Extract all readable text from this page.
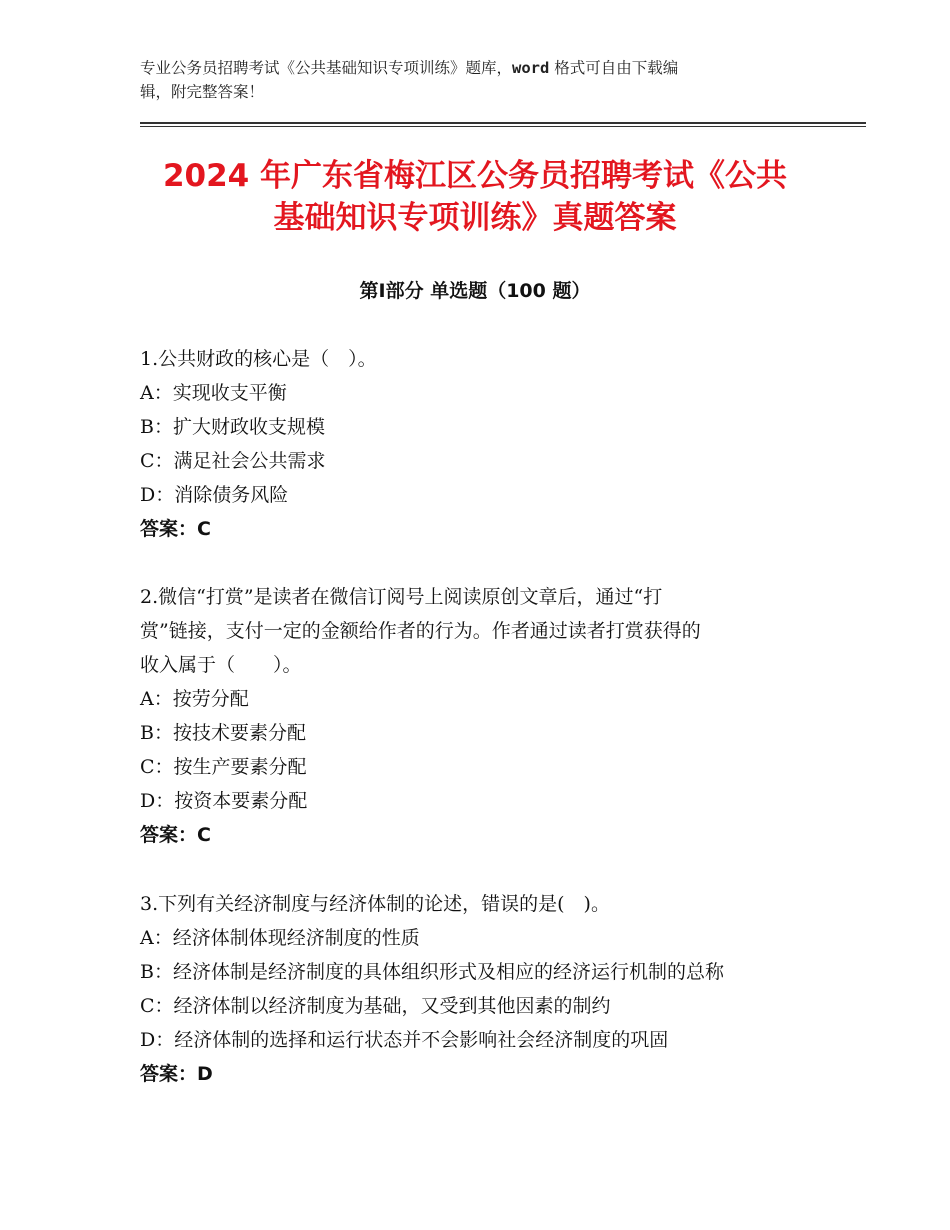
专业公务员招聘考试《公共基础知识专项训练》题库，word 格式可自由下载编
辑，附完整答案！

2024 年广东省梅江区公务员招聘考试《公共
基础知识专项训练》真题答案
第Ⅰ部分 单选题（100 题）
1.公共财政的核心是（　）。
A：实现收支平衡
B：扩大财政收支规模
C：满足社会公共需求
D：消除债务风险
答案：C
2.微信“打赏”是读者在微信订阅号上阅读原创文章后，通过“打
赏”链接，支付一定的金额给作者的行为。作者通过读者打赏获得的
收入属于（　　）。
A：按劳分配
B：按技术要素分配
C：按生产要素分配
D：按资本要素分配
答案：C
3.下列有关经济制度与经济体制的论述，错误的是(　)。
A：经济体制体现经济制度的性质
B：经济体制是经济制度的具体组织形式及相应的经济运行机制的总称
C：经济体制以经济制度为基础，又受到其他因素的制约
D：经济体制的选择和运行状态并不会影响社会经济制度的巩固
答案：D
